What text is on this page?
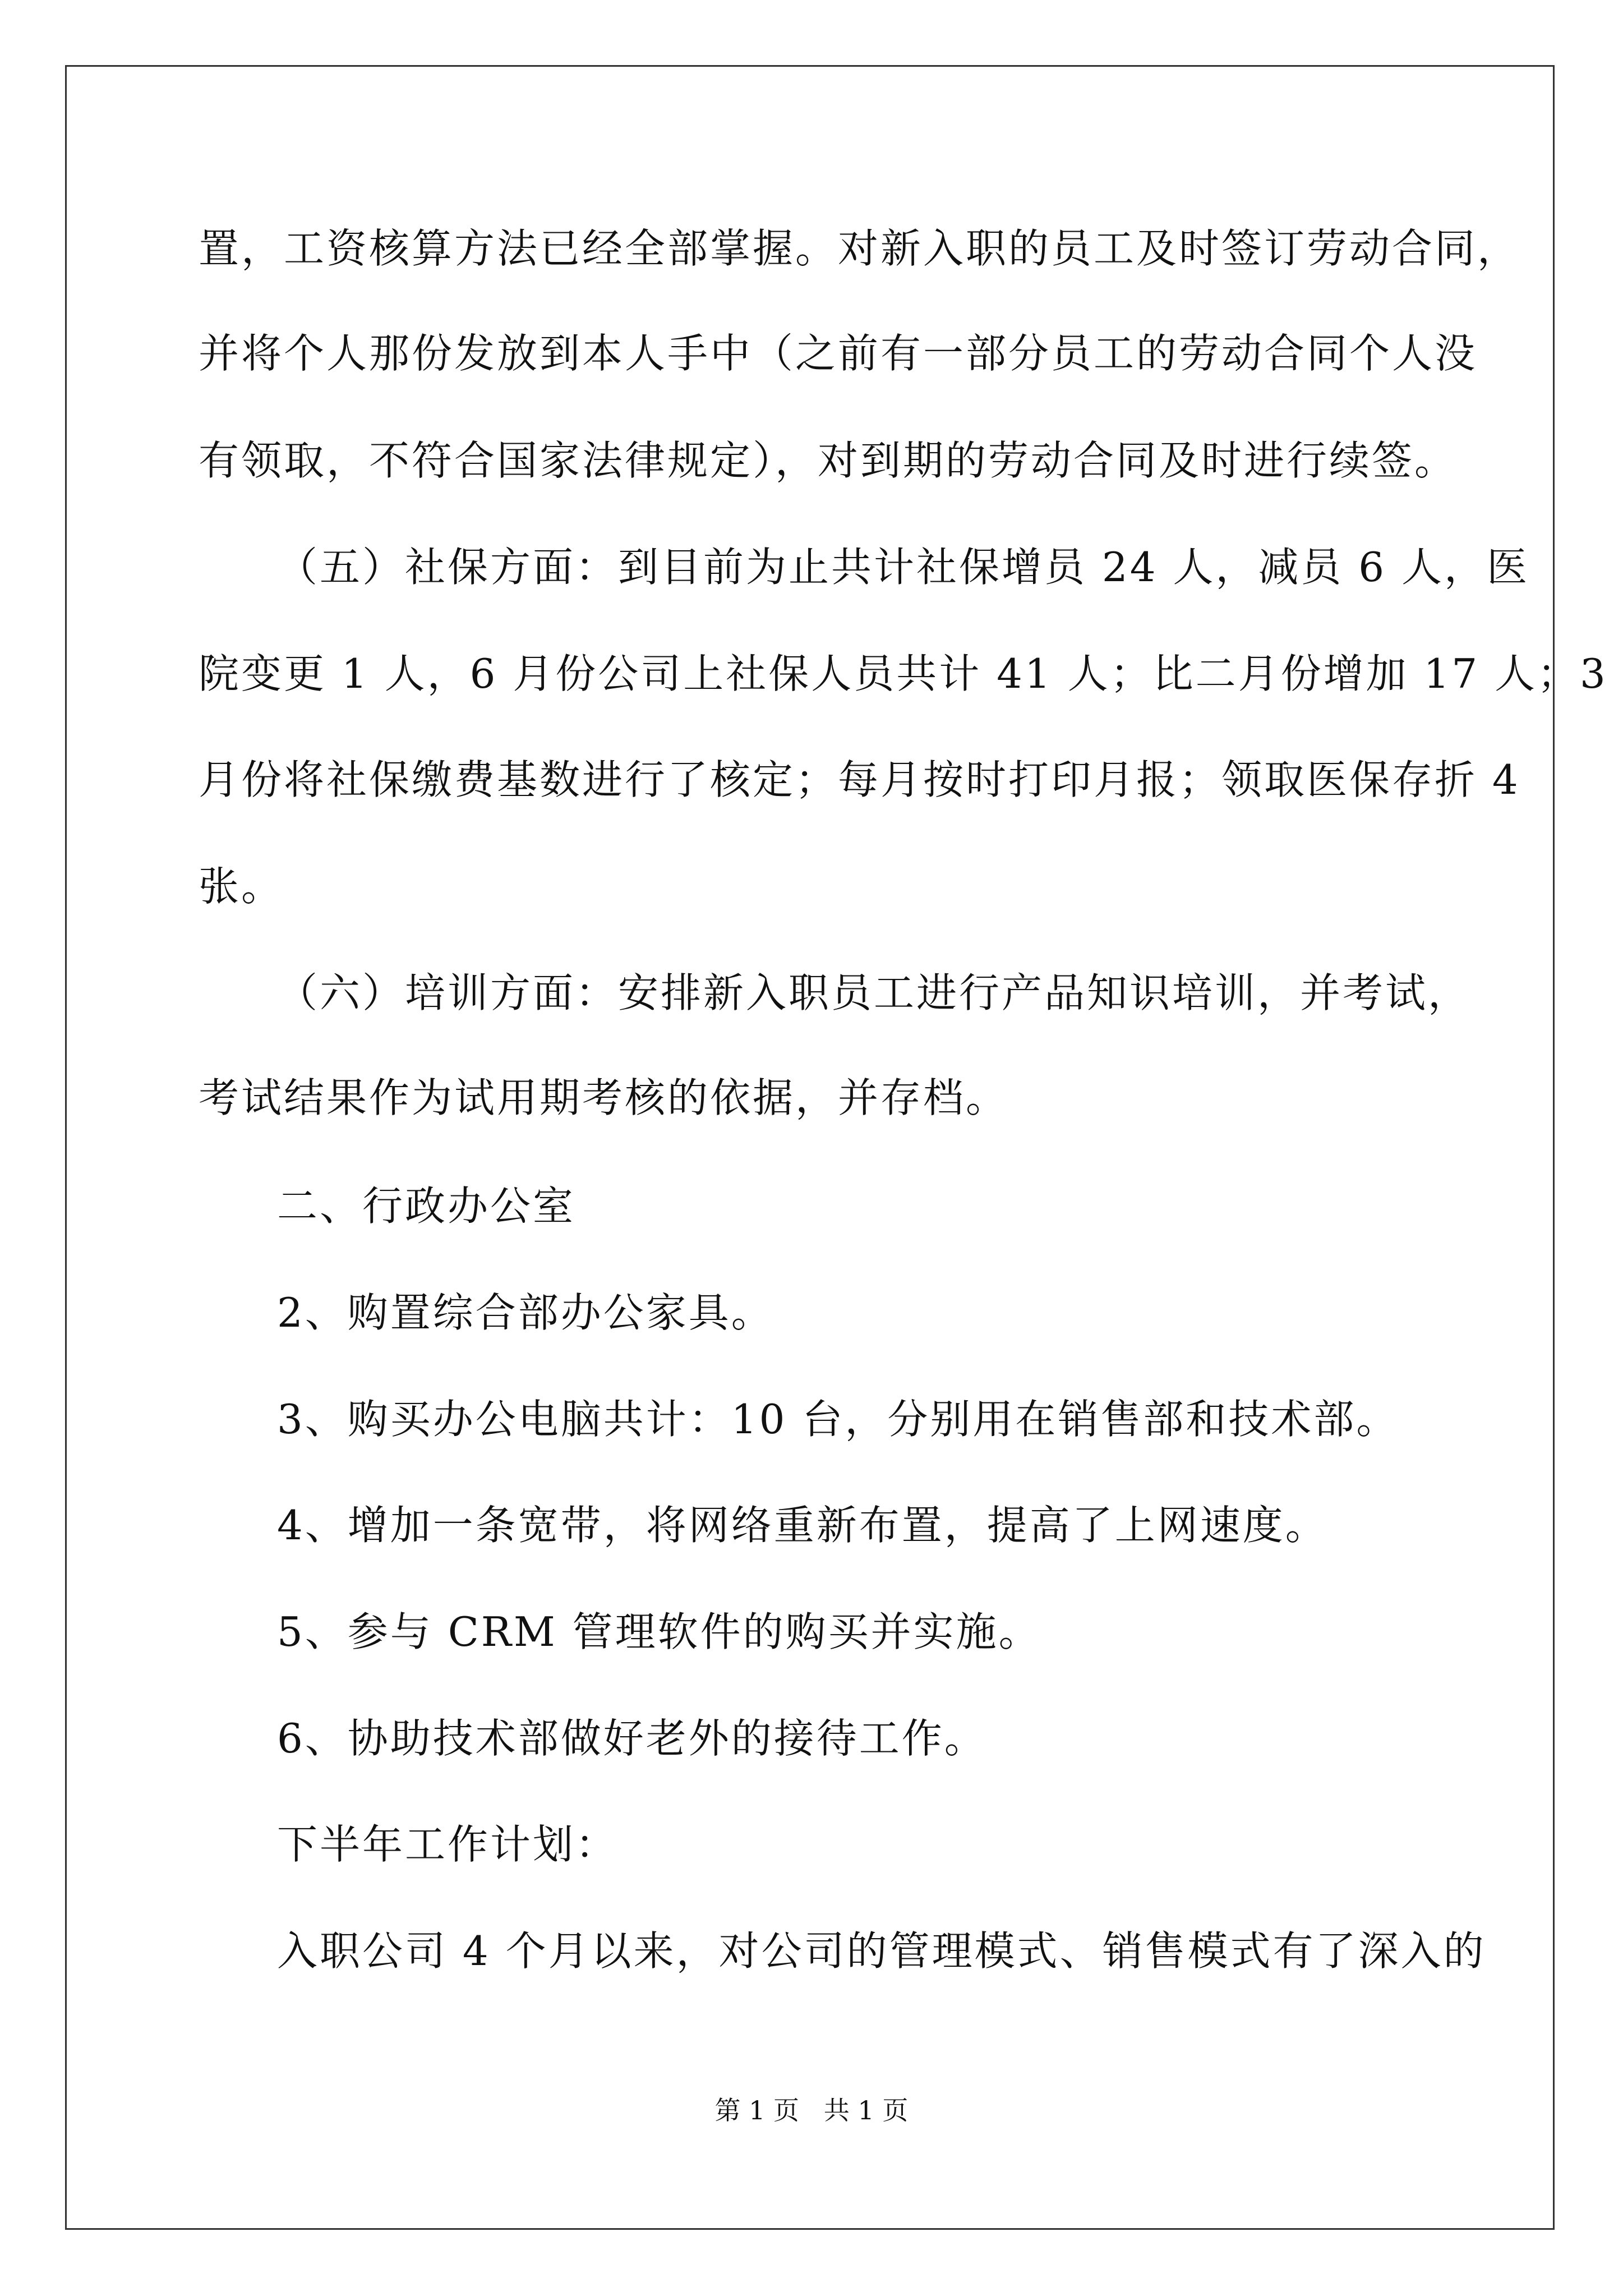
置，工资核算方法已经全部掌握。对新入职的员工及时签订劳动合同，
并将个人那份发放到本人手中（之前有一部分员工的劳动合同个人没
有领取，不符合国家法律规定），对到期的劳动合同及时进行续签。
（五）社保方面：到目前为止共计社保增员 24 人，减员 6 人，医
院变更 1 人，6 月份公司上社保人员共计 41 人；比二月份增加 17 人；3
月份将社保缴费基数进行了核定；每月按时打印月报；领取医保存折 4
张。
（六）培训方面：安排新入职员工进行产品知识培训，并考试，
考试结果作为试用期考核的依据，并存档。
二、行政办公室
2、购置综合部办公家具。
3、购买办公电脑共计：10 台，分别用在销售部和技术部。
4、增加一条宽带，将网络重新布置，提高了上网速度。
5、参与 CRM 管理软件的购买并实施。
6、协助技术部做好老外的接待工作。
下半年工作计划：
入职公司 4 个月以来，对公司的管理模式、销售模式有了深入的
第 1 页   共 1 页
